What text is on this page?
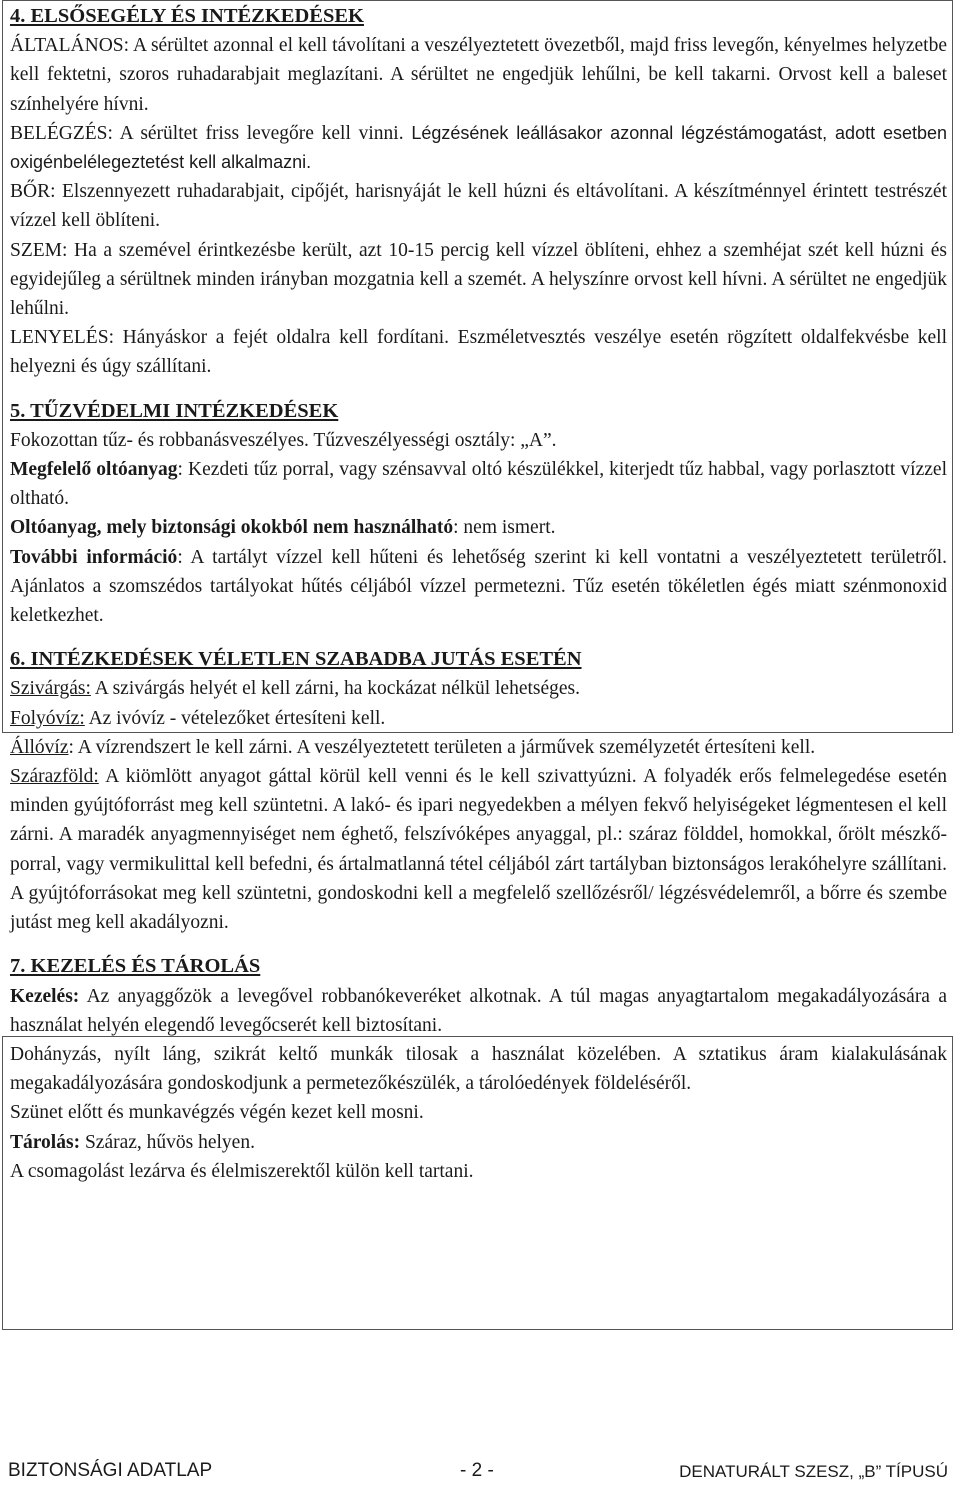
4. ELSŐSEGÉLY ÉS INTÉZKEDÉSEK

ÁLTALÁNOS: A sérültet azonnal el kell távolítani a veszélyeztetett övezetből, majd friss levegőn, kényelmes helyzetbe kell fektetni, szoros ruhadarabjait meglazítani. A sérültet ne engedjük lehűlni, be kell takarni. Orvost kell a baleset színhelyére hívni.

BELÉGZÉS: A sérültet friss levegőre kell vinni. Légzésének leállásakor azonnal légzéstámogatást, adott esetben oxigénbelélegeztetést kell alkalmazni.

BŐR: Elszennyezett ruhadarabjait, cipőjét, harisnyáját le kell húzni és eltávolítani. A készítménnyel érintett testrészét vízzel kell öblíteni.

SZEM: Ha a szemével érintkezésbe került, azt 10-15 percig kell vízzel öblíteni, ehhez a szemhéjat szét kell húzni és egyidejűleg a sérültnek minden irányban mozgatnia kell a szemét. A helyszínre orvost kell hívni. A sérültet ne engedjük lehűlni.

LENYELÉS: Hányáskor a fejét oldalra kell fordítani. Eszméletvesztés veszélye esetén rögzített oldalfekvésbe kell helyezni és úgy szállítani.

5. TŰZVÉDELMI INTÉZKEDÉSEK

Fokozottan tűz- és robbanásveszélyes. Tűzveszélyességi osztály: „A”.

Megfelelő oltóanyag: Kezdeti tűz porral, vagy szénsavval oltó készülékkel, kiterjedt tűz habbal, vagy porlasztott vízzel oltható.

Oltóanyag, mely biztonsági okokból nem használható: nem ismert.

További információ: A tartályt vízzel kell hűteni és lehetőség szerint ki kell vontatni a veszélyeztetett területről. Ajánlatos a szomszédos tartályokat hűtés céljából vízzel permetezni. Tűz esetén tökéletlen égés miatt szénmonoxid keletkezhet.

6. INTÉZKEDÉSEK VÉLETLEN SZABADBA JUTÁS ESETÉN

Szivárgás: A szivárgás helyét el kell zárni, ha kockázat nélkül lehetséges.

Folyóvíz: Az ivóvíz - vételezőket értesíteni kell.

Állóvíz: A vízrendszert le kell zárni. A veszélyeztetett területen a járművek személyzetét értesíteni kell.

Szárazföld: A kiömlött anyagot gáttal körül kell venni és le kell szivattyúzni. A folyadék erős felmelegedése esetén minden gyújtóforrást meg kell szüntetni. A lakó- és ipari negyedekben a mélyen fekvő helyiségeket légmentesen el kell zárni. A maradék anyagmennyiséget nem éghető, felszívóképes anyaggal, pl.: száraz földdel, homokkal, őrölt mészkő-porral, vagy vermikulittal kell befedni, és ártalmatlanná tétel céljából zárt tartályban biztonságos lerakóhelyre szállítani. A gyújtóforrásokat meg kell szüntetni, gondoskodni kell a megfelelő szellőzésről/ légzésvédelemről, a bőrre és szembe jutást meg kell akadályozni.

7. KEZELÉS ÉS TÁROLÁS

Kezelés: Az anyaggőzök a levegővel robbanókeveréket alkotnak. A túl magas anyagtartalom megakadályozására a használat helyén elegendő levegőcserét kell biztosítani.

Dohányzás, nyílt láng, szikrát keltő munkák tilosak a használat közelében. A sztatikus áram kialakulásának megakadályozására gondoskodjunk a permetezőkészülék, a tárolóedények földeléséről.

Szünet előtt és munkavégzés végén kezet kell mosni.

Tárolás: Száraz, hűvös helyen.

A csomagolást lezárva és élelmiszerektől külön kell tartani.

BIZTONSÁGI ADATLAP	- 2 -	DENATURÁLT SZESZ, „B” TÍPUSÚ
